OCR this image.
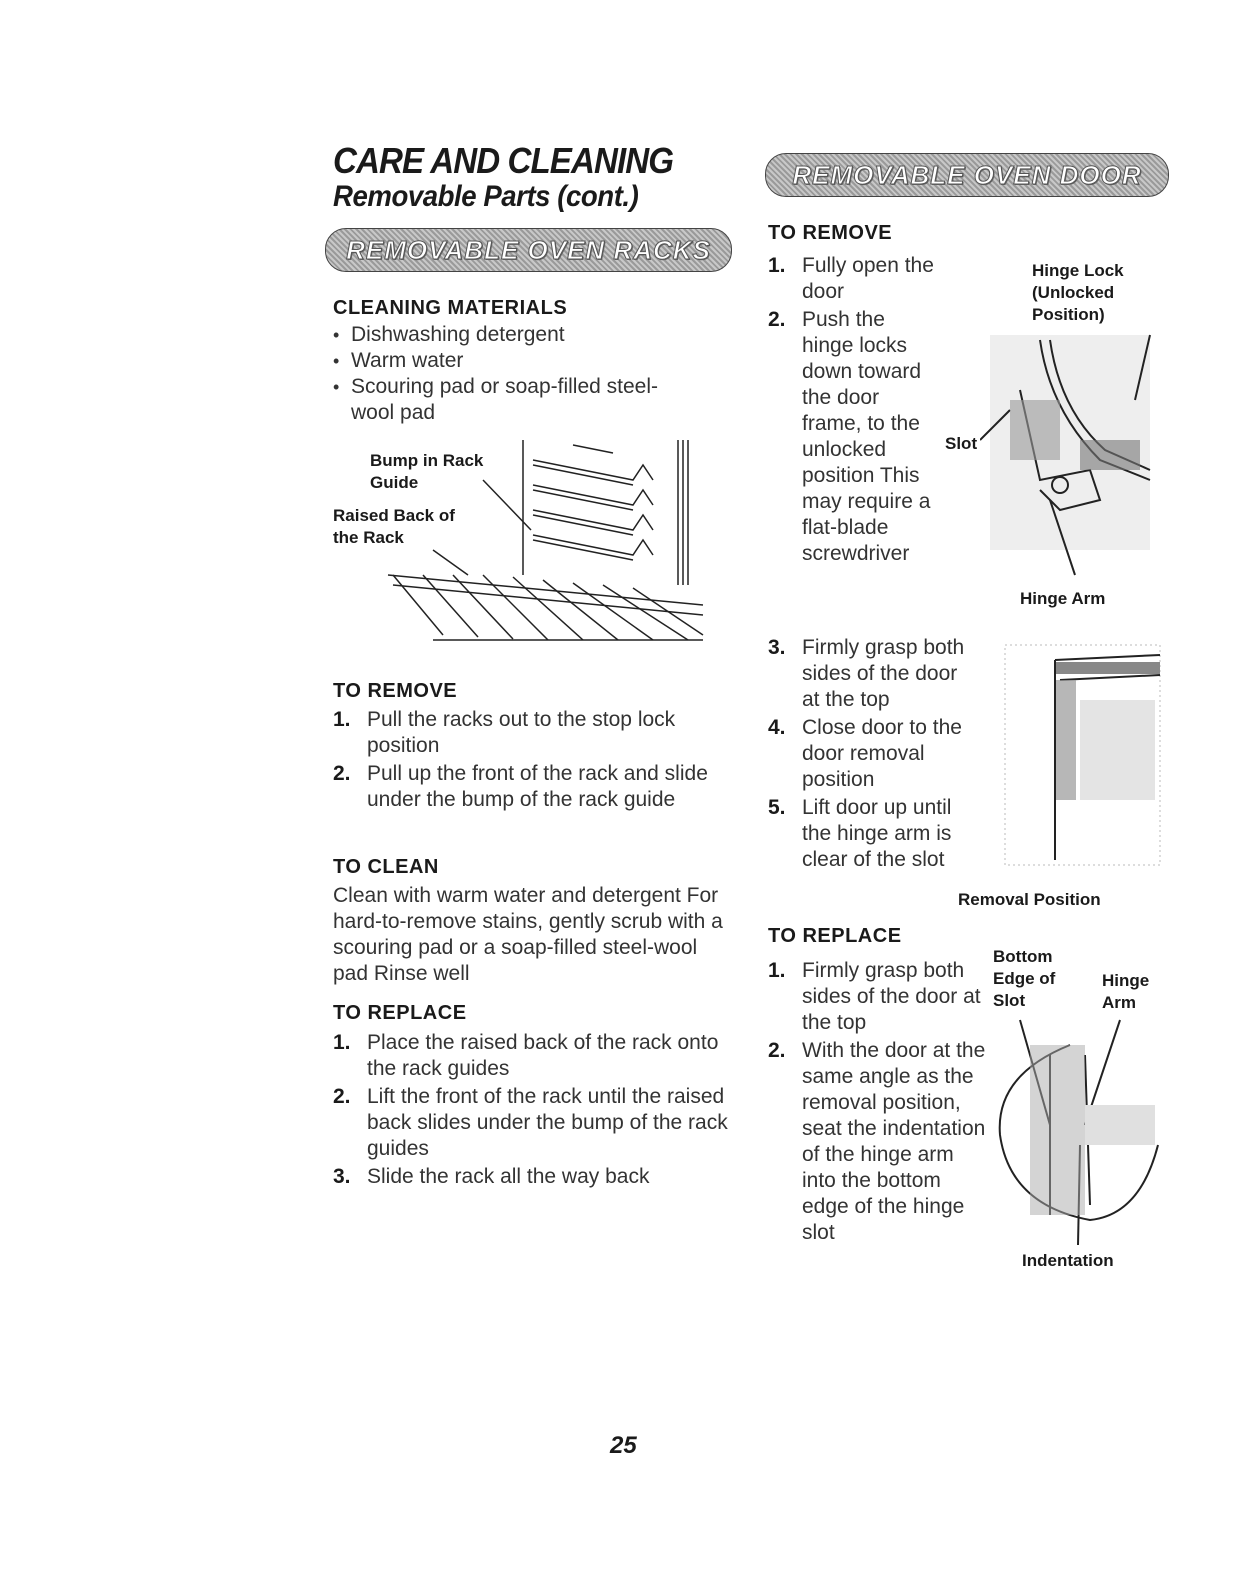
CARE AND CLEANING
Removable Parts (cont.)
REMOVABLE OVEN RACKS
CLEANING MATERIALS
• Dishwashing detergent
• Warm water
• Scouring pad or soap-filled steel-wool pad
Bump in Rack Guide
Raised Back of the Rack
TO REMOVE
1. Pull the racks out to the stop lock position
2. Pull up the front of the rack and slide under the bump of the rack guide
TO CLEAN
Clean with warm water and detergent For hard-to-remove stains, gently scrub with a scouring pad or a soap-filled steel-wool pad Rinse well
TO REPLACE
1. Place the raised back of the rack onto the rack guides
2. Lift the front of the rack until the raised back slides under the bump of the rack guides
3. Slide the rack all the way back
REMOVABLE OVEN DOOR
TO REMOVE
1. Fully open the door
2. Push the hinge locks down toward the door frame, to the unlocked position This may require a flat-blade screwdriver
Hinge Lock (Unlocked Position)
Slot
Hinge Arm
3. Firmly grasp both sides of the door at the top
4. Close door to the door removal position
5. Lift door up until the hinge arm is clear of the slot
Removal Position
TO REPLACE
1. Firmly grasp both sides of the door at the top
2. With the door at the same angle as the removal position, seat the indentation of the hinge arm into the bottom edge of the hinge slot
Bottom Edge of Slot
Hinge Arm
Indentation
25
